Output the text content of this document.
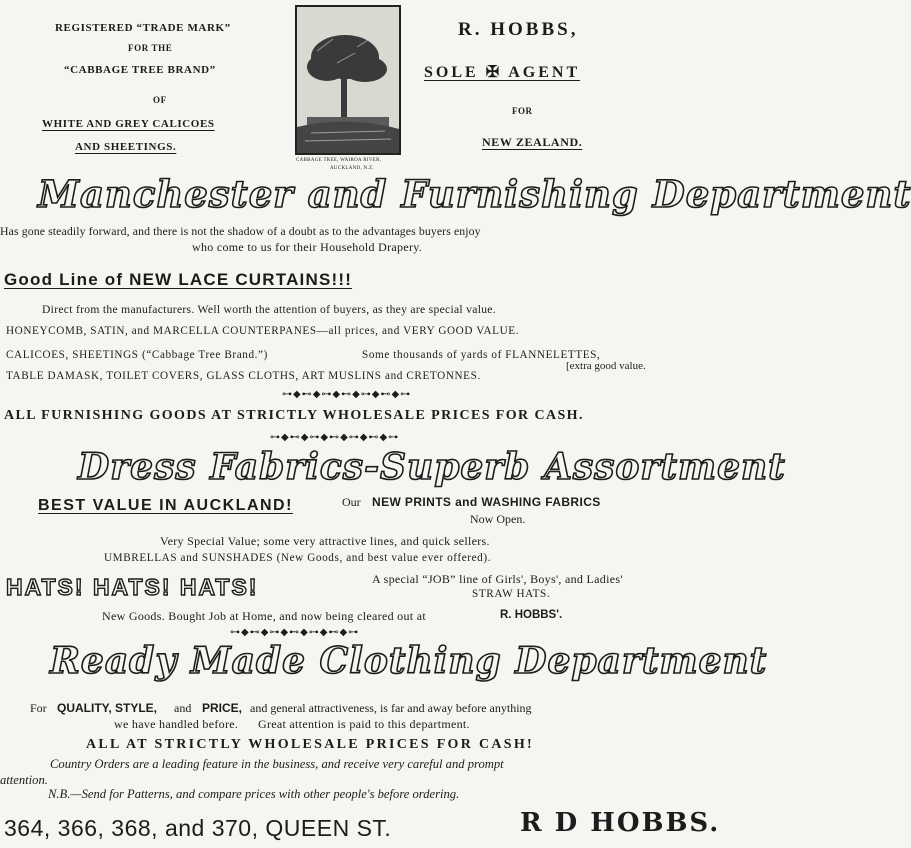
REGISTERED “TRADE MARK”
FOR THE
“CABBAGE TREE BRAND”
OF
WHITE AND GREY CALICOES
AND SHEETINGS.
CABBAGE TREE, WAIROA RIVER,
AUCKLAND, N.Z.
R. HOBBS,
SOLE ✠ AGENT
FOR
NEW ZEALAND.
Manchester and Furnishing Department
Has gone steadily forward, and there is not the shadow of a doubt as to the advantages buyers enjoy
who come to us for their Household Drapery.
Good Line of NEW LACE CURTAINS!!!
Direct from the manufacturers. Well worth the attention of buyers, as they are special value.
HONEYCOMB, SATIN, and MARCELLA COUNTERPANES—all prices, and VERY GOOD VALUE.
CALICOES, SHEETINGS (“Cabbage Tree Brand.”)	Some thousands of yards of FLANNELETTES,
[extra good value.
TABLE DAMASK, TOILET COVERS, GLASS CLOTHS, ART MUSLINS and CRETONNES.
⊶◆⊷◆⊶◆⊷◆⊶◆⊷◆⊶
ALL FURNISHING GOODS AT STRICTLY WHOLESALE PRICES FOR CASH.
⊶◆⊷◆⊶◆⊷◆⊶◆⊷◆⊶
Dress Fabrics-Superb Assortment
BEST VALUE IN AUCKLAND!	Our NEW PRINTS and WASHING FABRICS
Now Open.
Very Special Value; some very attractive lines, and quick sellers.
UMBRELLAS and SUNSHADES (New Goods, and best value ever offered).
HATS! HATS! HATS!	A special “JOB” line of Girls', Boys', and Ladies'
STRAW HATS.
New Goods. Bought Job at Home, and now being cleared out at	R. HOBBS'.
⊶◆⊷◆⊶◆⊷◆⊶◆⊷◆⊶
Ready Made Clothing Department
For QUALITY, STYLE, and PRICE, and general attractiveness, is far and away before anything
we have handled before.      Great attention is paid to this department.
ALL AT STRICTLY WHOLESALE PRICES FOR CASH!
Country Orders are a leading feature in the business, and receive very careful and prompt
attention.
N.B.—Send for Patterns, and compare prices with other people's before ordering.
364, 366, 368, and 370, QUEEN ST.	R D HOBBS.
